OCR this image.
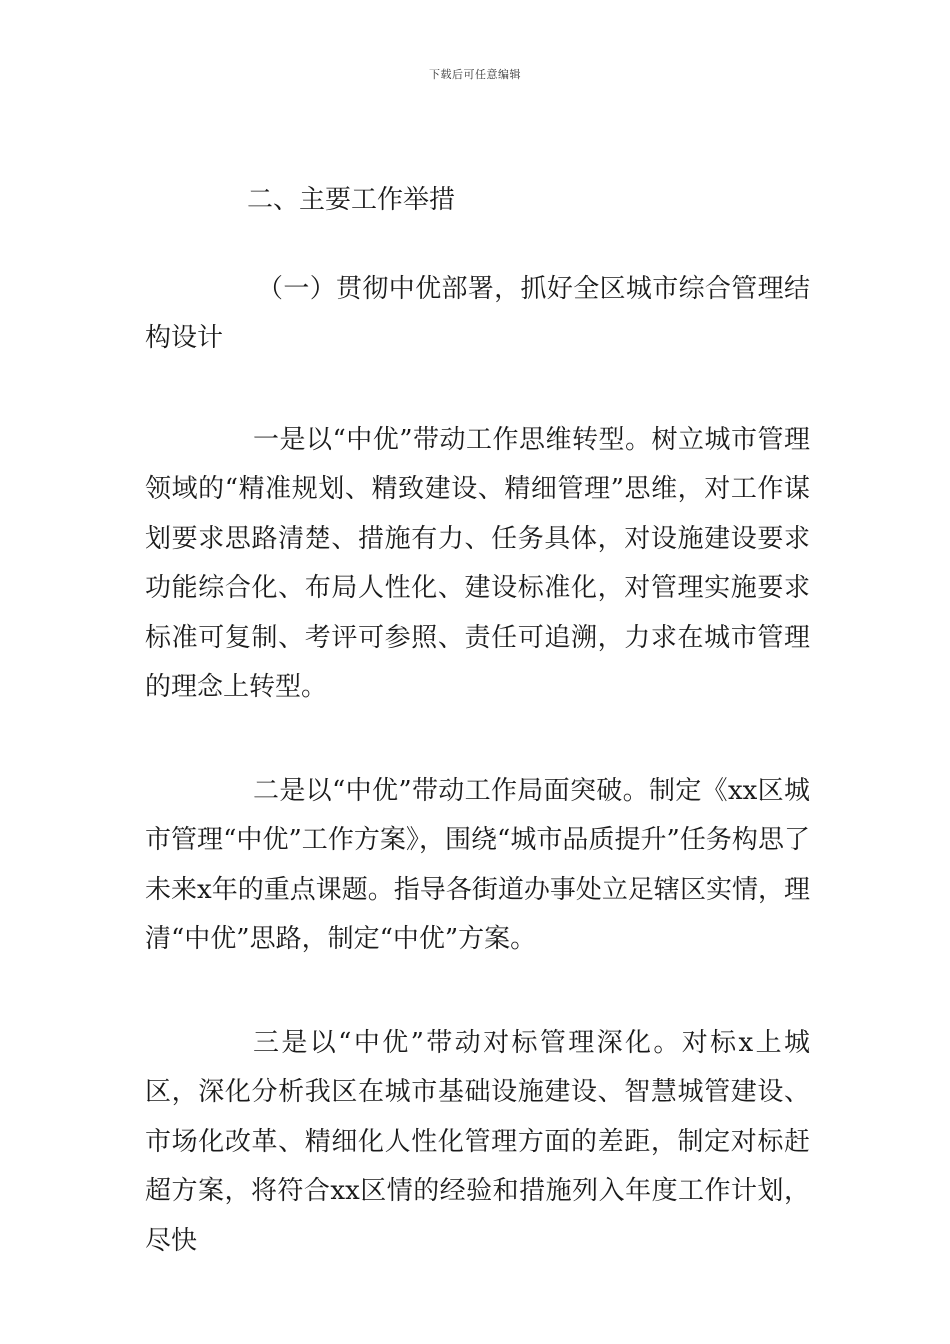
下载后可任意编辑

二、主要工作举措

（一）贯彻中优部署，抓好全区城市综合管理结构设计

一是以“中优”带动工作思维转型。树立城市管理领域的“精准规划、精致建设、精细管理”思维，对工作谋划要求思路清楚、措施有力、任务具体，对设施建设要求功能综合化、布局人性化、建设标准化，对管理实施要求标准可复制、考评可参照、责任可追溯，力求在城市管理的理念上转型。

二是以“中优”带动工作局面突破。制定《xx区城市管理“中优”工作方案》，围绕“城市品质提升”任务构思了未来x年的重点课题。指导各街道办事处立足辖区实情，理清“中优”思路，制定“中优”方案。

三是以“中优”带动对标管理深化。对标x上城区，深化分析我区在城市基础设施建设、智慧城管建设、市场化改革、精细化人性化管理方面的差距，制定对标赶超方案，将符合xx区情的经验和措施列入年度工作计划，尽快
